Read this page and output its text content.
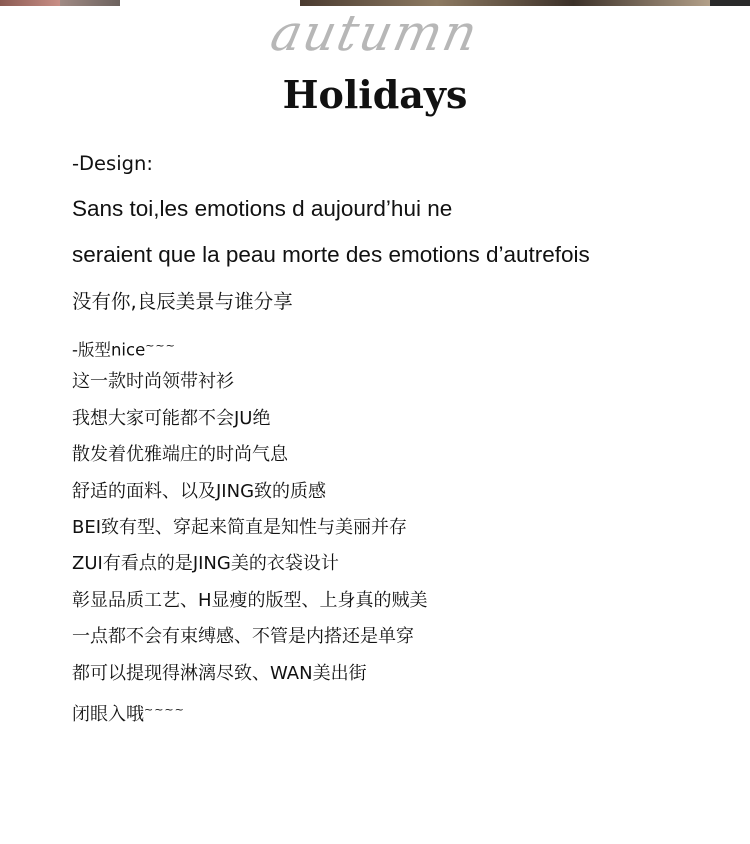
autumn
Holidays
-Design:
Sans toi,les emotions d aujourd’hui ne
seraient que la peau morte des emotions d’autrefois
没有你,良辰美景与谁分享
-版型nice~~~
这一款时尚领带衬衫
我想大家可能都不会JU绝
散发着优雅端庄的时尚气息
舒适的面料、以及JING致的质感
BEI致有型、穿起来简直是知性与美丽并存
ZUI有看点的是JING美的衣袋设计
彰显品质工艺、H显瘦的版型、上身真的贼美
一点都不会有束缚感、不管是内搭还是单穿
都可以提现得淋漓尽致、WAN美出街
闭眼入哦~~~~
